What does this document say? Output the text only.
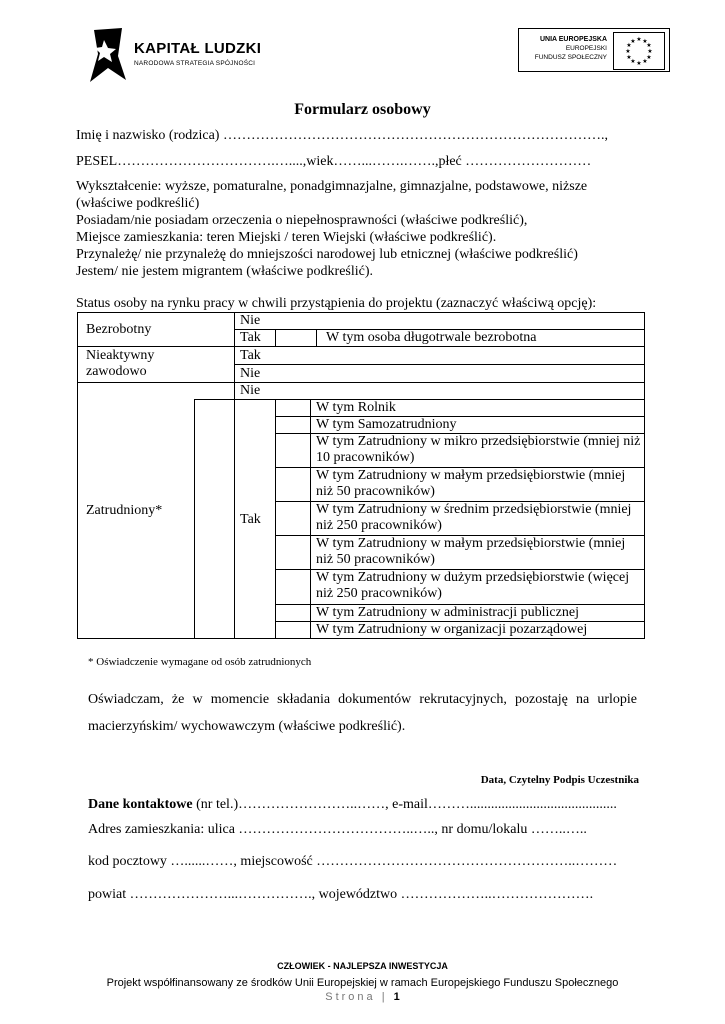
KAPITAŁ LUDZKI
NARODOWA STRATEGIA SPÓJNOŚCI
UNIA EUROPEJSKA
EUROPEJSKI
FUNDUSZ SPOŁECZNY
★ ★
★
★
★
★
★
★
★
★
★
★
Formularz osobowy
Imię i nazwisko (rodzica) ……………………………………………………………………….,
PESEL…………………………….…....,wiek……...…….…….,płeć ………………………
Wykształcenie: wyższe, pomaturalne, ponadgimnazjalne, gimnazjalne, podstawowe, niższe
(właściwe podkreślić)
Posiadam/nie posiadam orzeczenia o niepełnosprawności (właściwe podkreślić),
Miejsce zamieszkania: teren Miejski / teren Wiejski (właściwe podkreślić).
Przynależę/ nie przynależę do mniejszości narodowej lub etnicznej (właściwe podkreślić)
Jestem/ nie jestem migrantem (właściwe podkreślić).
Status osoby na rynku pracy w chwili przystąpienia do projektu (zaznaczyć właściwą opcję):
Bezrobotny
Nie
Tak	W tym osoba długotrwale bezrobotna
Nieaktywny zawodowo
Tak
Nie
Zatrudniony*
Nie
Tak
W tym Rolnik
W tym Samozatrudniony
W tym Zatrudniony w mikro przedsiębiorstwie (mniej niż 10 pracowników)
W tym Zatrudniony w małym przedsiębiorstwie (mniej niż 50 pracowników)
W tym Zatrudniony w średnim przedsiębiorstwie (mniej niż 250 pracowników)
W tym Zatrudniony w małym przedsiębiorstwie (mniej niż 50 pracowników)
W tym Zatrudniony w dużym przedsiębiorstwie (więcej niż 250 pracowników)
W tym Zatrudniony w administracji publicznej
W tym Zatrudniony w organizacji pozarządowej
* Oświadczenie wymagane od osób zatrudnionych
Oświadczam, że w momencie składania dokumentów rekrutacyjnych, pozostaję na urlopie macierzyńskim/ wychowawczym (właściwe podkreślić).
Data, Czytelny Podpis Uczestnika
Dane kontaktowe (nr tel.)……………………..……, e-mail………..........................................
Adres zamieszkania: ulica ………………………………..….., nr domu/lokalu ……..…..
kod pocztowy …......……, miejscowość ………………………………………………..………
powiat …………………...……………., województwo ………………..………………….
CZŁOWIEK - NAJLEPSZA INWESTYCJA
Projekt współfinansowany ze środków Unii Europejskiej w ramach Europejskiego Funduszu Społecznego
Strona | 1
